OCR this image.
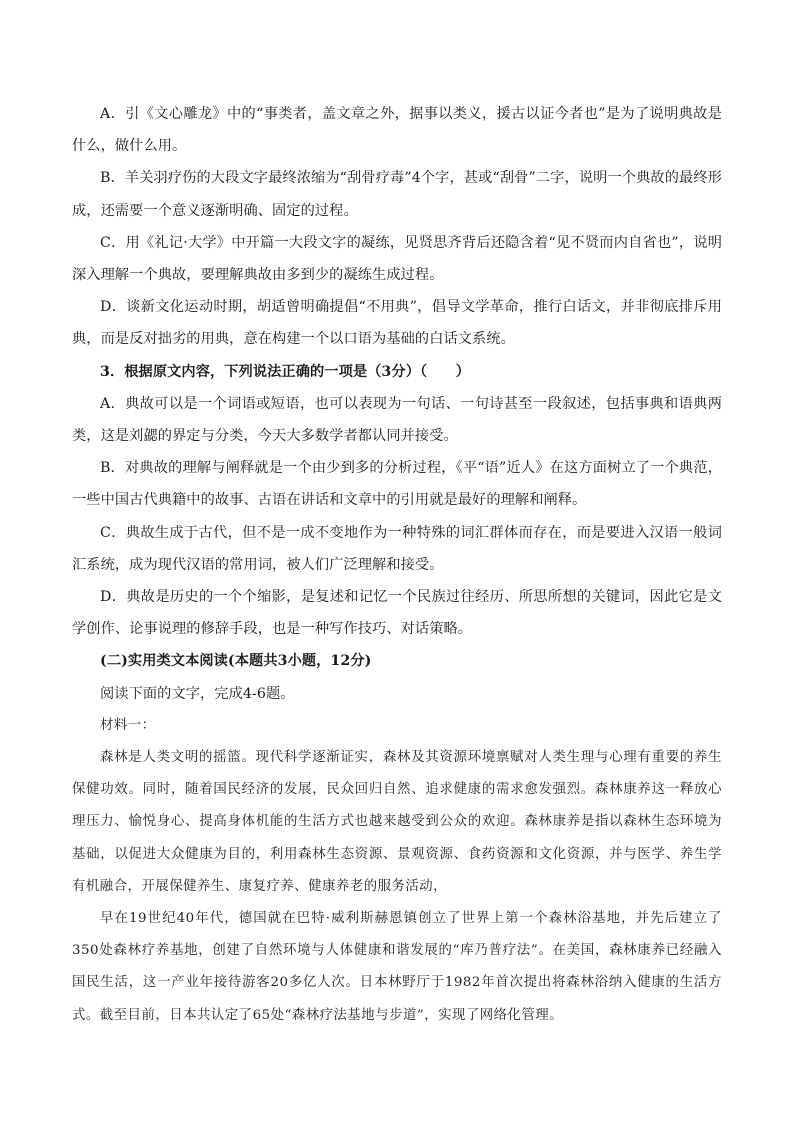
A．引《文心雕龙》中的“事类者，盖文章之外，据事以类义，援古以证今者也”是为了说明典故是什么，做什么用。

B．羊关羽疗伤的大段文字最终浓缩为“刮骨疗毒”4个字，甚或“刮骨”二字，说明一个典故的最终形成，还需要一个意义逐渐明确、固定的过程。

C．用《礼记·大学》中开篇一大段文字的凝练，见贤思齐背后还隐含着“见不贤而内自省也”，说明深入理解一个典故，要理解典故由多到少的凝练生成过程。

D．谈新文化运动时期，胡适曾明确提倡“不用典”，倡导文学革命，推行白话文，并非彻底排斥用典，而是反对拙劣的用典，意在构建一个以口语为基础的白话文系统。

3．根据原文内容，下列说法正确的一项是（3分）（　　）

A．典故可以是一个词语或短语，也可以表现为一句话、一句诗甚至一段叙述，包括事典和语典两类，这是刘勰的界定与分类，今天大多数学者都认同并接受。

B．对典故的理解与阐释就是一个由少到多的分析过程，《平“语”近人》在这方面树立了一个典范，一些中国古代典籍中的故事、古语在讲话和文章中的引用就是最好的理解和阐释。

C．典故生成于古代，但不是一成不变地作为一种特殊的词汇群体而存在，而是要进入汉语一般词汇系统，成为现代汉语的常用词，被人们广泛理解和接受。

D．典故是历史的一个个缩影，是复述和记忆一个民族过往经历、所思所想的关键词，因此它是文学创作、论事说理的修辞手段，也是一种写作技巧、对话策略。

(二)实用类文本阅读(本题共3小题，12分)

阅读下面的文字，完成4-6题。

材料一：

森林是人类文明的摇篮。现代科学逐渐证实，森林及其资源环境禀赋对人类生理与心理有重要的养生保健功效。同时，随着国民经济的发展，民众回归自然、追求健康的需求愈发强烈。森林康养这一释放心理压力、愉悦身心、提高身体机能的生活方式也越来越受到公众的欢迎。森林康养是指以森林生态环境为基础，以促进大众健康为目的，利用森林生态资源、景观资源、食药资源和文化资源，并与医学、养生学有机融合，开展保健养生、康复疗养、健康养老的服务活动，

早在19世纪40年代，德国就在巴特·威利斯赫恩镇创立了世界上第一个森林浴基地，并先后建立了350处森林疗养基地，创建了自然环境与人体健康和谐发展的“库乃普疗法”。在美国，森林康养已经融入国民生活，这一产业年接待游客20多亿人次。日本林野厅于1982年首次提出将森林浴纳入健康的生活方式。截至目前，日本共认定了65处“森林疗法基地与步道”，实现了网络化管理。
